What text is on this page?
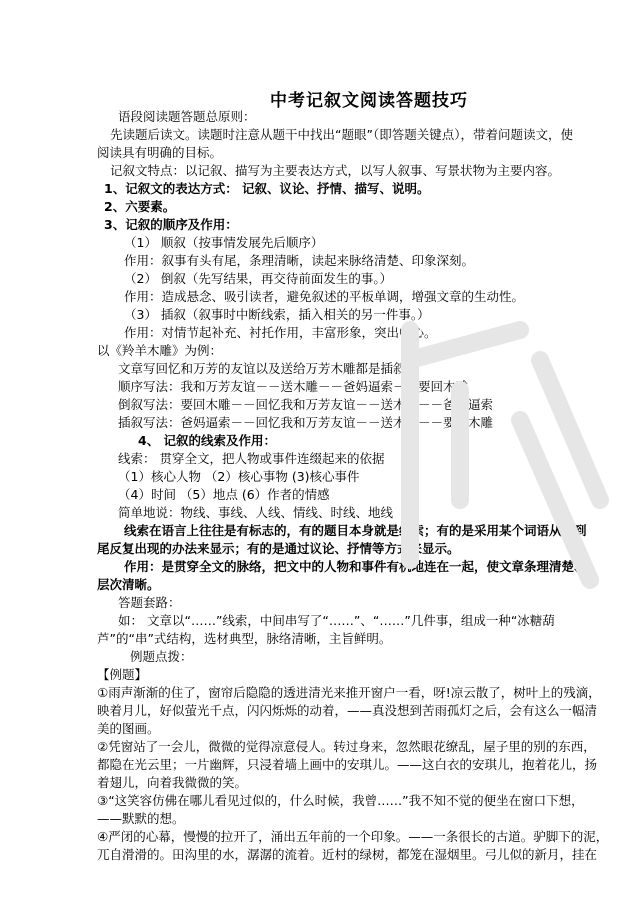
中考记叙文阅读答题技巧
语段阅读题答题总原则：
先读题后读文。读题时注意从题干中找出“题眼”（即答题关键点），带着问题读文，使
阅读具有明确的目标。
记叙文特点：以记叙、描写为主要表达方式，以写人叙事、写景状物为主要内容。
1、记叙文的表达方式： 记叙、议论、抒情、描写、说明。
2、六要素。
3、记叙的顺序及作用：
（1） 顺叙（按事情发展先后顺序）
作用：叙事有头有尾，条理清晰，读起来脉络清楚、印象深刻。
（2） 倒叙（先写结果，再交待前面发生的事。）
作用：造成悬念、吸引读者，避免叙述的平板单调，增强文章的生动性。
（3） 插叙（叙事时中断线索，插入相关的另一件事。）
作用：对情节起补充、衬托作用，丰富形象，突出中心。
以《羚羊木雕》为例：
文章写回忆和万芳的友谊以及送给万芳木雕都是插叙。
顺序写法：我和万芳友谊－－送木雕－－爸妈逼索－－要回木雕
倒叙写法：要回木雕－－回忆我和万芳友谊－－送木雕－－爸妈逼索
插叙写法：爸妈逼索－－回忆我和万芳友谊－－送木雕－－要回木雕
4、 记叙的线索及作用：
线索： 贯穿全文，把人物或事件连缀起来的依据
（1）核心人物 （2）核心事物 (3)核心事件
（4）时间 （5）地点 (6）作者的情感
简单地说：物线、事线、人线、情线、时线、地线
线索在语言上往往是有标志的，有的题目本身就是线索；有的是采用某个词语从头到
尾反复出现的办法来显示；有的是通过议论、抒情等方式来显示。
作用：是贯穿全文的脉络，把文中的人物和事件有机地连在一起，使文章条理清楚、
层次清晰。
答题套路：
如： 文章以“……”线索，中间串写了“……”、“……”几件事，组成一种“冰糖葫
芦”的“串”式结构，选材典型，脉络清晰，主旨鲜明。
例题点拨：
【例题】
①雨声渐渐的住了，窗帘后隐隐的透进清光来推开窗户一看，呀!凉云散了，树叶上的残滴，
映着月儿，好似萤光千点，闪闪烁烁的动着，——真没想到苦雨孤灯之后，会有这么一幅清
美的图画。
②凭窗站了一会儿，微微的觉得凉意侵人。转过身来，忽然眼花缭乱，屋子里的别的东西，
都隐在光云里；一片幽辉，只浸着墙上画中的安琪儿。——这白衣的安琪儿，抱着花儿，扬
着翅儿，向着我微微的笑。
③“这笑容仿佛在哪儿看见过似的，什么时候，我曾……”我不知不觉的便坐在窗口下想，
——默默的想。
④严闭的心幕，慢慢的拉开了，涌出五年前的一个印象。——一条很长的古道。驴脚下的泥，
兀自滑滑的。田沟里的水，潺潺的流着。近村的绿树，都笼在湿烟里。弓儿似的新月，挂在
